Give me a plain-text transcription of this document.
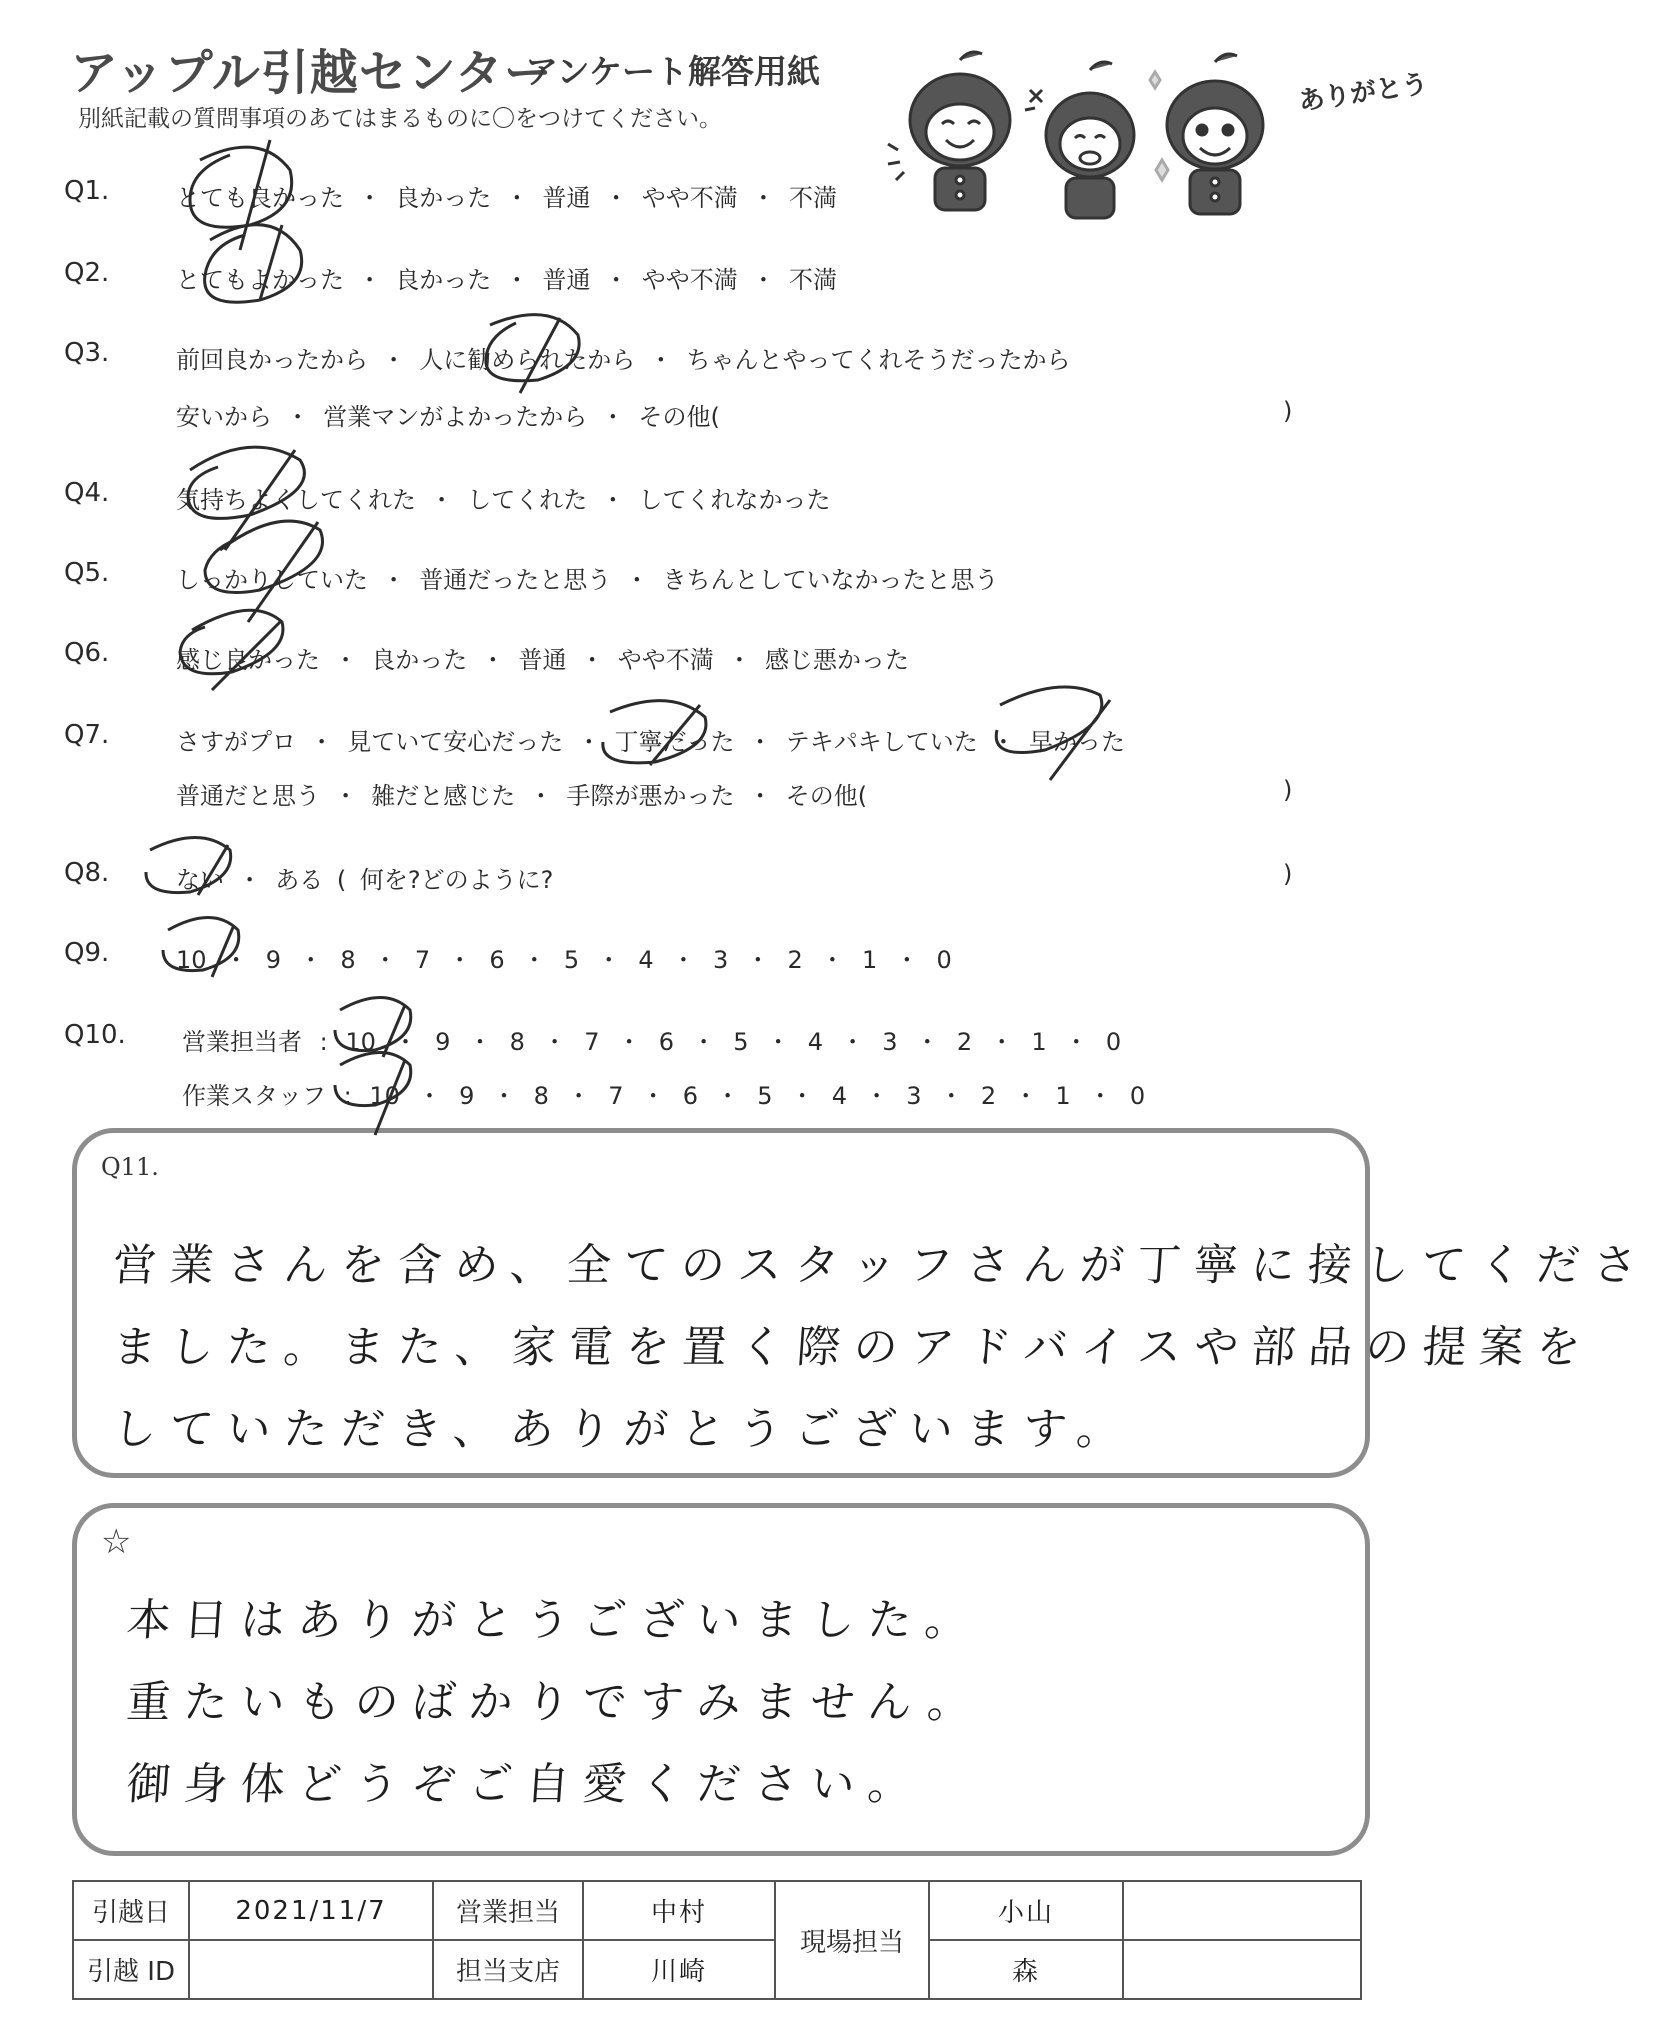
アップル引越センター
アンケート解答用紙
別紙記載の質問事項のあてはまるものに〇をつけてください。
ありがとう
Q1.	とても良かった ・ 良かった ・ 普通 ・ やや不満 ・ 不満
Q2.	とてもよかった ・ 良かった ・ 普通 ・ やや不満 ・ 不満
Q3.	前回良かったから ・ 人に勧められたから ・ ちゃんとやってくれそうだったから
安いから ・ 営業マンがよかったから ・ その他(	)
Q4.	気持ちよくしてくれた ・ してくれた ・ してくれなかった
Q5.	しっかりしていた ・ 普通だったと思う ・ きちんとしていなかったと思う
Q6.	感じ良かった ・ 良かった ・ 普通 ・ やや不満 ・ 感じ悪かった
Q7.	さすがプロ ・ 見ていて安心だった ・ 丁寧だった ・ テキパキしていた ・ 早かった
普通だと思う ・ 雑だと感じた ・ 手際が悪かった ・ その他(	)
Q8.	ない ・ ある ( 何を?どのように?	)
Q9.	10 ・ 9 ・ 8 ・ 7 ・ 6 ・ 5 ・ 4 ・ 3 ・ 2 ・ 1 ・ 0
Q10. 営業担当者 : 10 ・ 9 ・ 8 ・ 7 ・ 6 ・ 5 ・ 4 ・ 3 ・ 2 ・ 1 ・ 0
作業スタッフ : 10 ・ 9 ・ 8 ・ 7 ・ 6 ・ 5 ・ 4 ・ 3 ・ 2 ・ 1 ・ 0
Q11.
営業さんを含め、全てのスタッフさんが丁寧に接してくださ
ました。また、家電を置く際のアドバイスや部品の提案を
していただき、ありがとうございます。
☆
本日はありがとうございました。
重たいものばかりですみません。
御身体どうぞご自愛ください。
引越日	2021/11/7	営業担当	中村	現場担当	小山	
引越 ID		担当支店	川崎		森	
